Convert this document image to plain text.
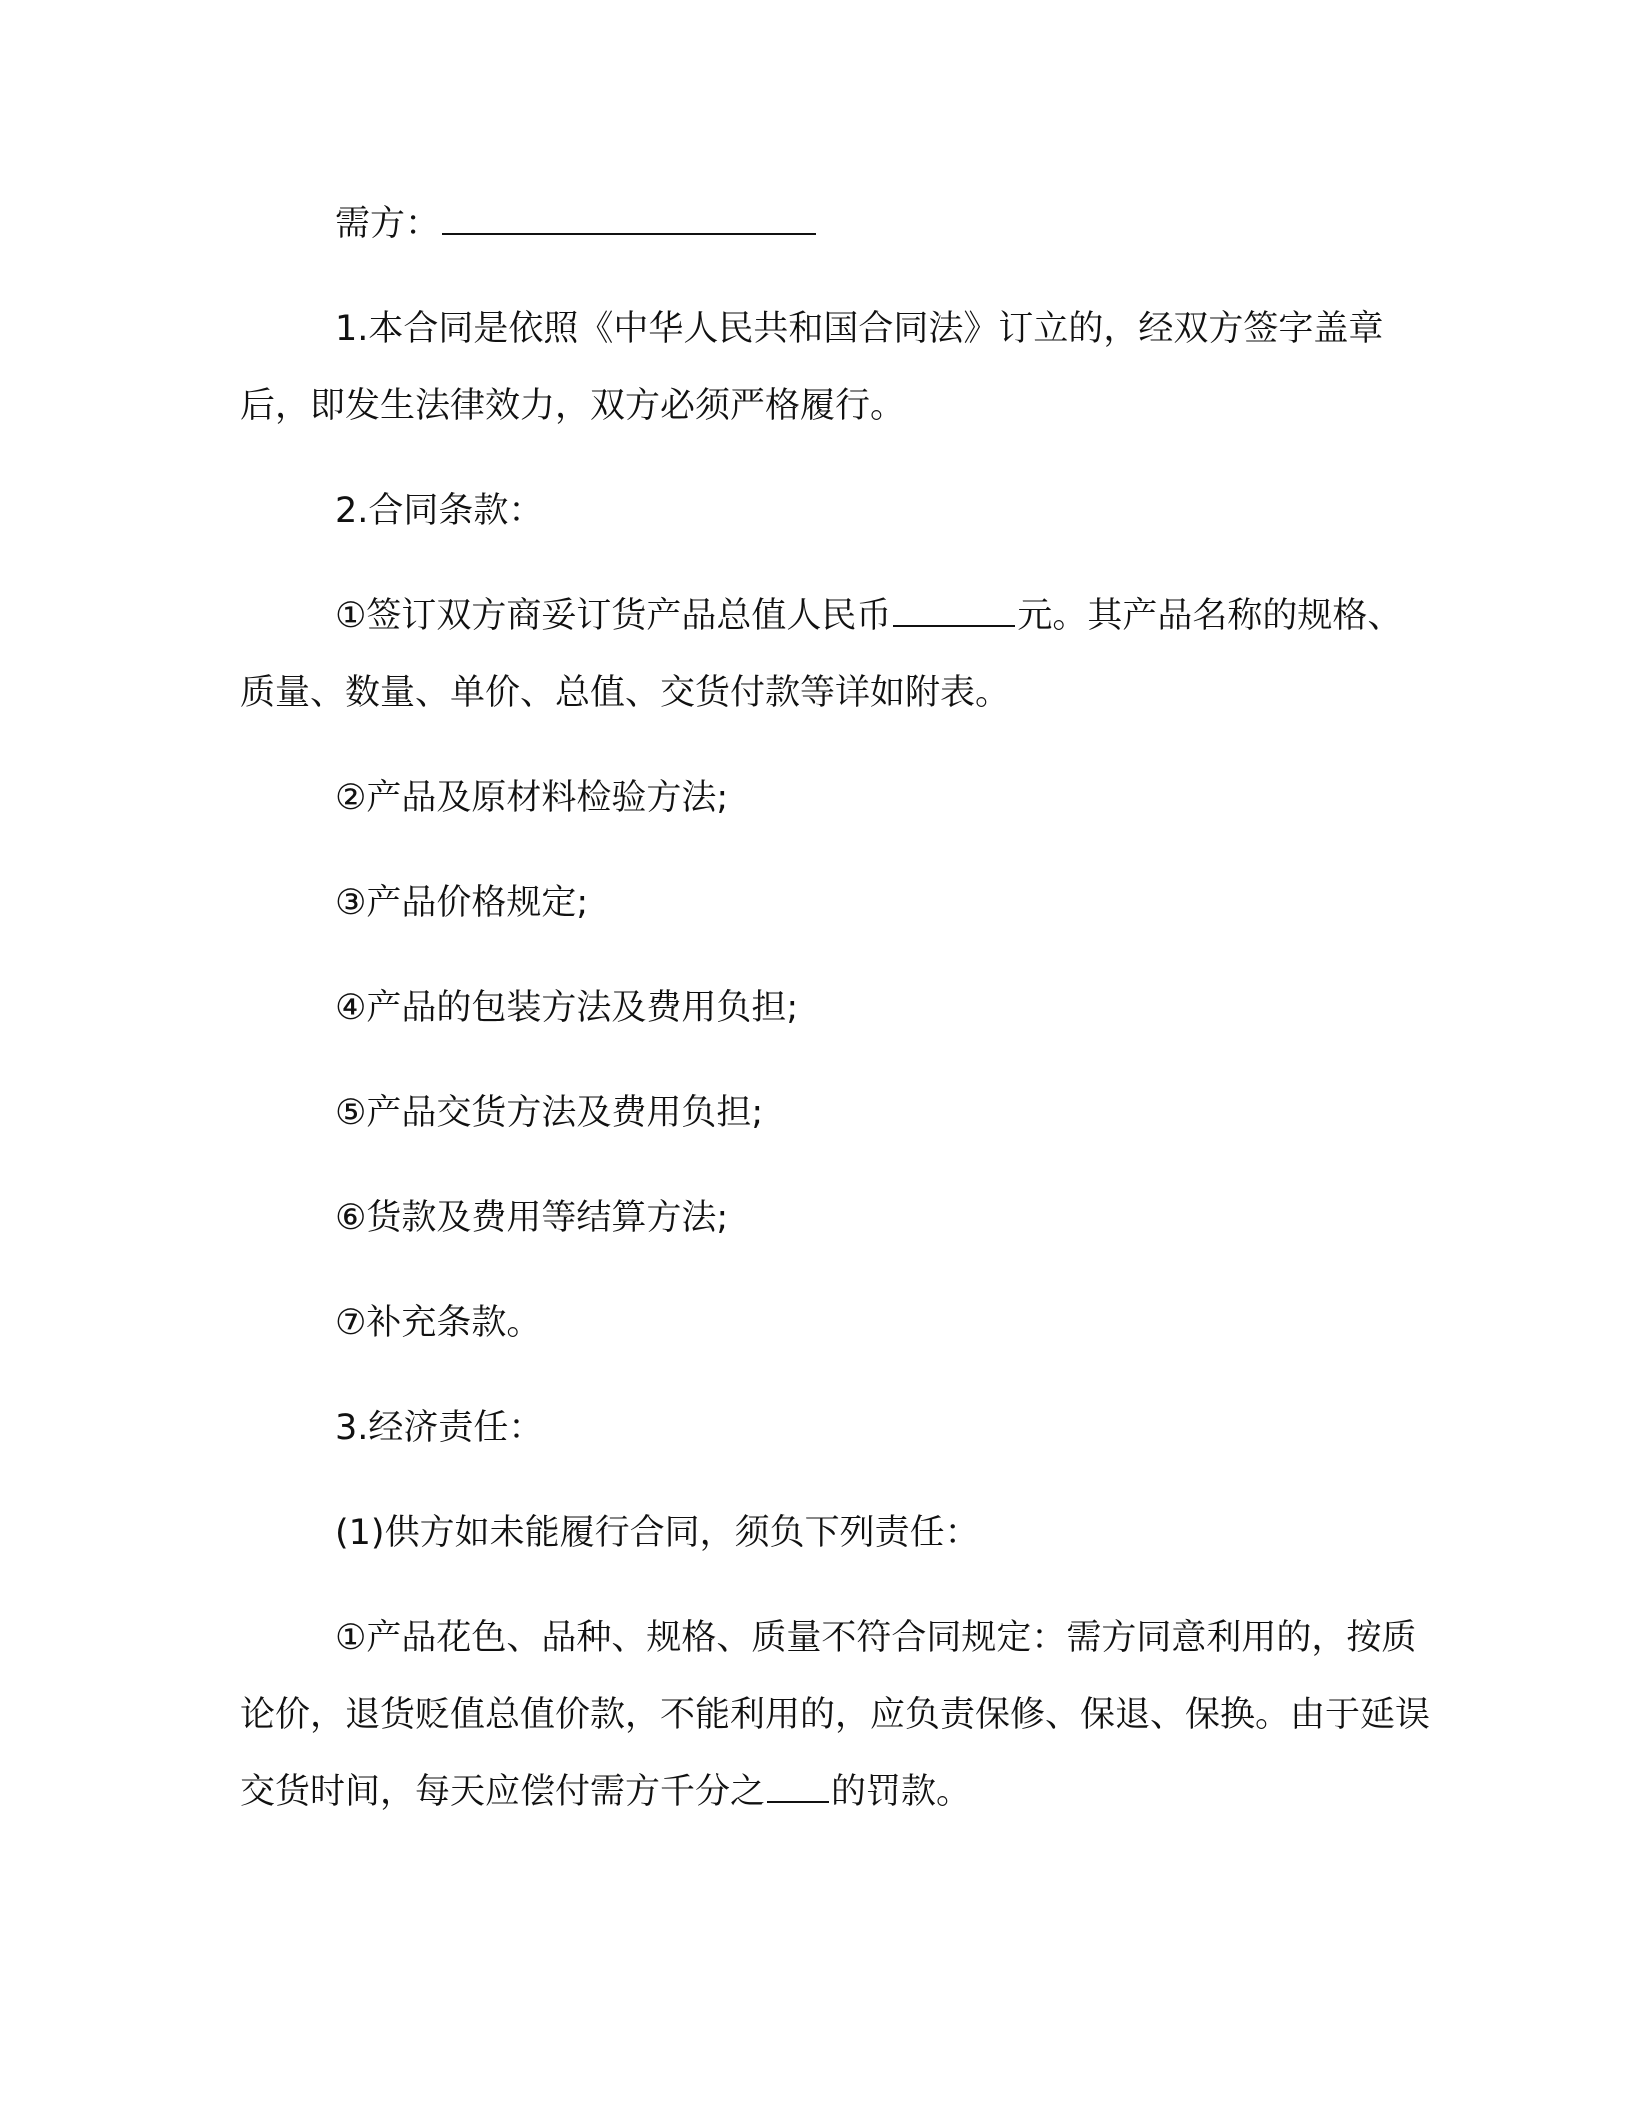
需方：

1.本合同是依照《中华人民共和国合同法》订立的，经双方签字盖章后，即发生法律效力，双方必须严格履行。

2.合同条款：

①签订双方商妥订货产品总值人民币	元。其产品名称的规格、质量、数量、单价、总值、交货付款等详如附表。

②产品及原材料检验方法;

③产品价格规定;

④产品的包装方法及费用负担;

⑤产品交货方法及费用负担;

⑥货款及费用等结算方法;

⑦补充条款。

3.经济责任：

(1)供方如未能履行合同，须负下列责任：

①产品花色、品种、规格、质量不符合同规定：需方同意利用的，按质论价，退货贬值总值价款，不能利用的，应负责保修、保退、保换。由于延误交货时间，每天应偿付需方千分之 的罚款。
